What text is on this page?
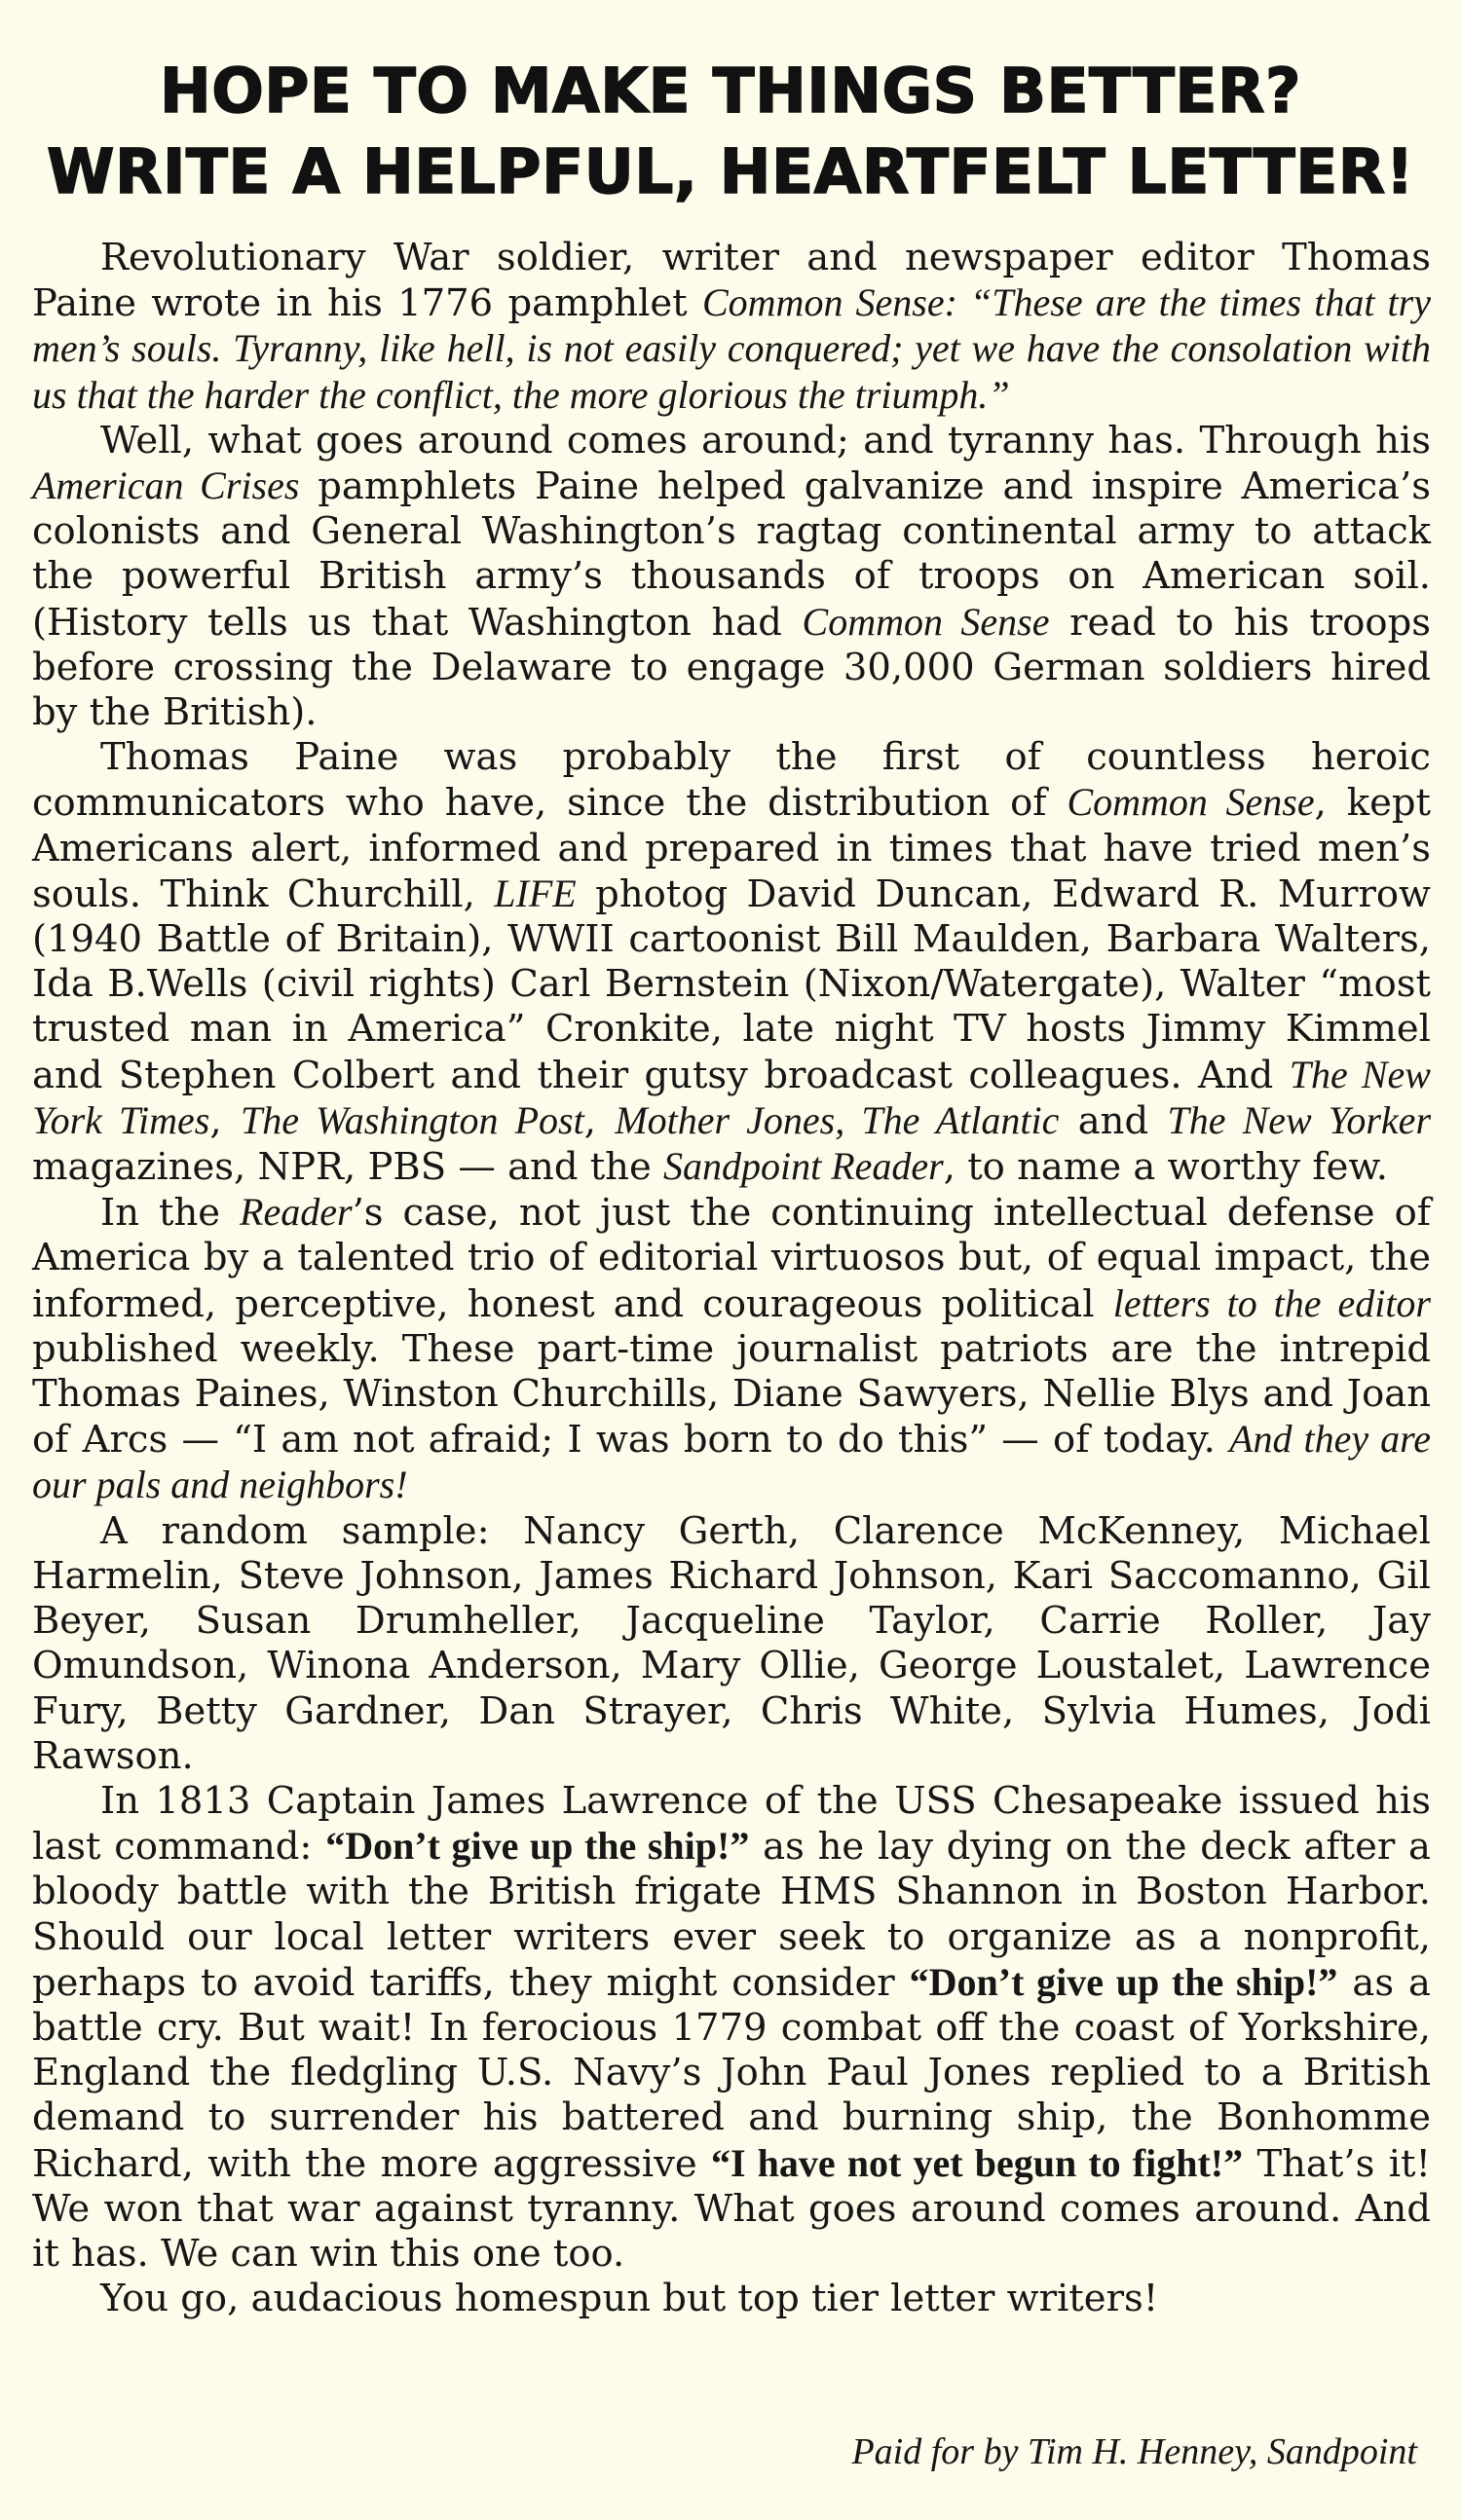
HOPE TO MAKE THINGS BETTER?
WRITE A HELPFUL, HEARTFELT LETTER!

Revolutionary War soldier, writer and newspaper editor Thomas Paine wrote in his 1776 pamphlet Common Sense: “These are the times that try men’s souls. Tyranny, like hell, is not easily conquered; yet we have the consolation with us that the harder the conflict, the more glorious the triumph.”

Well, what goes around comes around; and tyranny has. Through his American Crises pamphlets Paine helped galvanize and inspire America’s colonists and General Washington’s ragtag continental army to attack the powerful British army’s thousands of troops on American soil.(History tells us that Washington had Common Sense read to his troops before crossing the Delaware to engage 30,000 German soldiers hired by the British).

Thomas Paine was probably the first of countless heroic communicators who have, since the distribution of Common Sense, kept Americans alert, informed and prepared in times that have tried men’s souls. Think Churchill, LIFE photog David Duncan, Edward R. Murrow (1940 Battle of Britain), WWII cartoonist Bill Maulden, Barbara Walters, Ida B.Wells (civil rights) Carl Bernstein (Nixon/Watergate), Walter “most trusted man in America” Cronkite, late night TV hosts Jimmy Kimmel and Stephen Colbert and their gutsy broadcast colleagues. And The New York Times, The Washington Post, Mother Jones, The Atlantic and The New Yorker magazines, NPR, PBS — and the Sandpoint Reader, to name a worthy few.

In the Reader’s case, not just the continuing intellectual defense of America by a talented trio of editorial virtuosos but, of equal impact, the informed, perceptive, honest and courageous political letters to the editor published weekly. These part-time journalist patriots are the intrepid Thomas Paines, Winston Churchills, Diane Sawyers, Nellie Blys and Joan of Arcs — “I am not afraid; I was born to do this” — of today. And they are our pals and neighbors!

A random sample: Nancy Gerth, Clarence McKenney, Michael Harmelin, Steve Johnson, James Richard Johnson, Kari Saccomanno, Gil Beyer, Susan Drumheller, Jacqueline Taylor, Carrie Roller, Jay Omundson, Winona Anderson, Mary Ollie, George Loustalet, Lawrence Fury, Betty Gardner, Dan Strayer, Chris White, Sylvia Humes, Jodi Rawson.

In 1813 Captain James Lawrence of the USS Chesapeake issued his last command: “Don’t give up the ship!” as he lay dying on the deck after a bloody battle with the British frigate HMS Shannon in Boston Harbor. Should our local letter writers ever seek to organize as a nonprofit, perhaps to avoid tariffs, they might consider “Don’t give up the ship!” as a battle cry. But wait! In ferocious 1779 combat off the coast of Yorkshire, England the fledgling U.S. Navy’s John Paul Jones replied to a British demand to surrender his battered and burning ship, the Bonhomme Richard, with the more aggressive “I have not yet begun to fight!” That’s it! We won that war against tyranny. What goes around comes around. And it has. We can win this one too.

You go, audacious homespun but top tier letter writers!

Paid for by Tim H. Henney, Sandpoint
